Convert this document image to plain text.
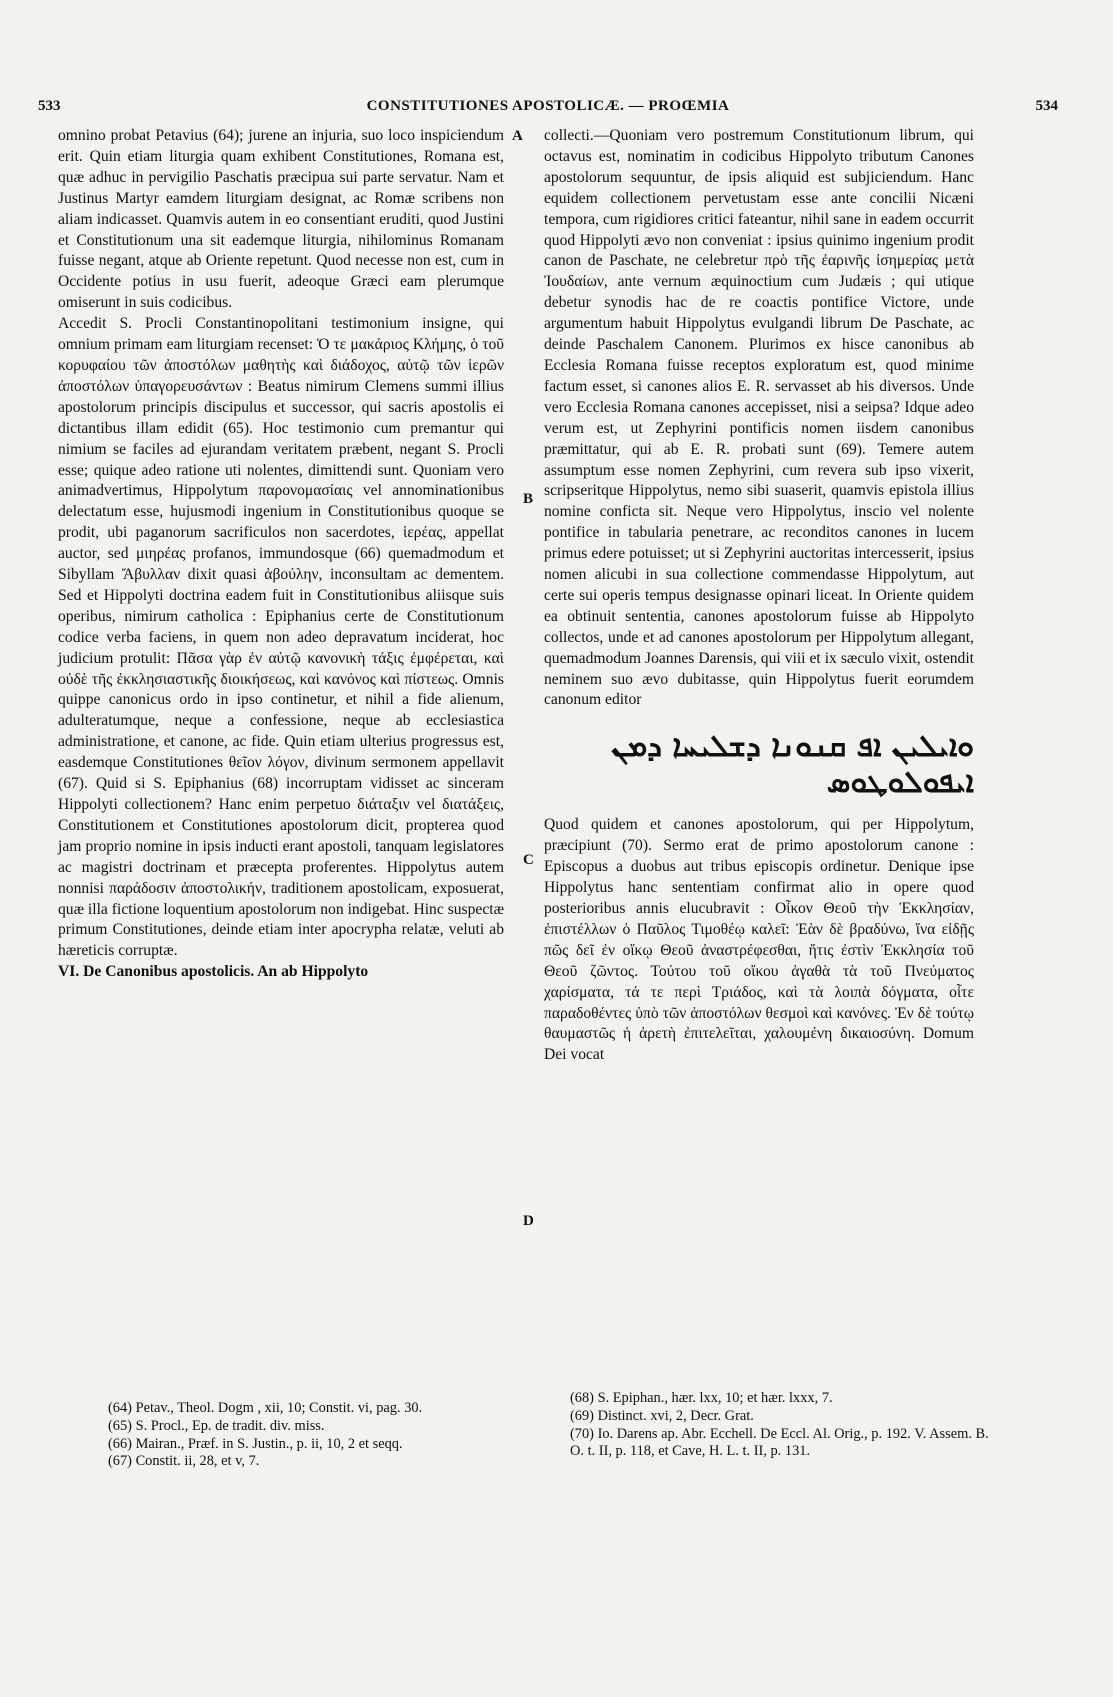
533	CONSTITUTIONES APOSTOLICÆ. — PROŒMIA	534

omnino probat Petavius (64); jurene an injuria, suo loco inspiciendum erit. Quin etiam liturgia quam exhibent Constitutiones, Romana est, quæ adhuc in pervigilio Paschatis præcipua sui parte servatur. Nam et Justinus Martyr eamdem liturgiam designat, ac Romæ scribens non aliam indicasset. Quamvis autem in eo consentiant eruditi, quod Justini et Constitutionum una sit eademque liturgia, nihilominus Romanam fuisse negant, atque ab Oriente repetunt. Quod necesse non est, cum in Occidente potius in usu fuerit, adeoque Græci eam plerumque omiserunt in suis codicibus.

Accedit S. Procli Constantinopolitani testimonium insigne, qui omnium primam eam liturgiam recenset: Ὁ τε μακάριος Κλήμης, ὁ τοῦ κορυφαίου τῶν ἀποστόλων μαθητὴς καὶ διάδοχος, αὐτῷ τῶν ἱερῶν ἀποστόλων ὑπαγορευσάντων : Beatus nimirum Clemens summi illius apostolorum principis discipulus et successor, qui sacris apostolis ei dictantibus illam edidit (65). Hoc testimonio cum premantur qui nimium se faciles ad ejurandam veritatem præbent, negant S. Procli esse; quique adeo ratione uti nolentes, dimittendi sunt. Quoniam vero animadvertimus, Hippolytum παρονομασίαις vel annominationibus delectatum esse, hujusmodi ingenium in Constitutionibus quoque se prodit, ubi paganorum sacrificulos non sacerdotes, ἱερέας, appellat auctor, sed μιηρέας profanos, immundosque (66) quemadmodum et Sibyllam Ἄβυλλαν dixit quasi ἀβούλην, inconsultam ac dementem. Sed et Hippolyti doctrina eadem fuit in Constitutionibus aliisque suis operibus, nimirum catholica : Epiphanius certe de Constitutionum codice verba faciens, in quem non adeo depravatum inciderat, hoc judicium protulit: Πᾶσα γὰρ ἐν αὐτῷ κανονικὴ τάξις ἐμφέρεται, καὶ οὐδὲ τῆς ἐκκλησιαστικῆς διοικήσεως, καὶ κανόνος καὶ πίστεως. Omnis quippe canonicus ordo in ipso continetur, et nihil a fide alienum, adulteratumque, neque a confessione, neque ab ecclesiastica administratione, et canone, ac fide. Quin etiam ulterius progressus est, easdemque Constitutiones θεῖον λόγον, divinum sermonem appellavit (67). Quid si S. Epiphanius (68) incorruptam vidisset ac sinceram Hippolyti collectionem? Hanc enim perpetuo διάταξιν vel διατάξεις, Constitutionem et Constitutiones apostolorum dicit, propterea quod jam proprio nomine in ipsis inducti erant apostoli, tanquam legislatores ac magistri doctrinam et præcepta proferentes. Hippolytus autem nonnisi παράδοσιν ἀποστολικήν, traditionem apostolicam, exposuerat, quæ illa fictione loquentium apostolorum non indigebat. Hinc suspectæ primum Constitutiones, deinde etiam inter apocrypha relatæ, veluti ab hæreticis corruptæ.

VI. De Canonibus apostolicis. An ab Hippolyto

(64) Petav., Theol. Dogm , xii, 10; Constit. vi, pag. 30.

(65) S. Procl., Ep. de tradit. div. miss.

(66) Mairan., Præf. in S. Justin., p. ii, 10, 2 et seqq.

(67) Constit. ii, 28, et v, 7.

collecti.—Quoniam vero postremum Constitutionum librum, qui octavus est, nominatim in codicibus Hippolyto tributum Canones apostolorum sequuntur, de ipsis aliquid est subjiciendum. Hanc equidem collectionem pervetustam esse ante concilii Nicæni tempora, cum rigidiores critici fateantur, nihil sane in eadem occurrit quod Hippolyti ævo non conveniat : ipsius quinimo ingenium prodit canon de Paschate, ne celebretur πρὸ τῆς ἐαρινῆς ἰσημερίας μετὰ Ἰουδαίων, ante vernum æquinoctium cum Judæis ; qui utique debetur synodis hac de re coactis pontifice Victore, unde argumentum habuit Hippolytus evulgandi librum De Paschate, ac deinde Paschalem Canonem. Plurimos ex hisce canonibus ab Ecclesia Romana fuisse receptos exploratum est, quod minime factum esset, si canones alios E. R. servasset ab his diversos. Unde vero Ecclesia Romana canones accepisset, nisi a seipsa? Idque adeo verum est, ut Zephyrini pontificis nomen iisdem canonibus præmittatur, qui ab E. R. probati sunt (69). Temere autem assumptum esse nomen Zephyrini, cum revera sub ipso vixerit, scripseritque Hippolytus, nemo sibi suaserit, quamvis epistola illius nomine conficta sit. Neque vero Hippolytus, inscio vel nolente pontifice in tabularia penetrare, ac reconditos canones in lucem primus edere potuisset; ut si Zephyrini auctoritas intercesserit, ipsius nomen alicubi in sua collectione commendasse Hippolytum, aut certe sui operis tempus designasse opinari liceat. In Oriente quidem ea obtinuit sententia, canones apostolorum fuisse ab Hippolyto collectos, unde et ad canones apostolorum per Hippolytum allegant, quemadmodum Joannes Darensis, qui viii et ix sæculo vixit, ostendit neminem suo ævo dubitasse, quin Hippolytus fuerit eorumdem canonum editor

ܘܐܝܠܝܢ ܐܦ ܩܢܘܢܐ ܕܫܠܝܚܐ ܕܡܢ
ܐܝܦܘܠܘܛܘܣ

Quod quidem et canones apostolorum, qui per Hippolytum, præcipiunt (70). Sermo erat de primo apostolorum canone : Episcopus a duobus aut tribus episcopis ordinetur. Denique ipse Hippolytus hanc sententiam confirmat alio in opere quod posterioribus annis elucubravit : Οἶκον Θεοῦ τὴν Ἐκκλησίαν, ἐπιστέλλων ὁ Παῦλος Τιμοθέῳ καλεῖ: Ἐὰν δὲ βραδύνω, ἵνα εἰδῇς πῶς δεῖ ἐν οἴκῳ Θεοῦ ἀναστρέφεσθαι, ἥτις ἐστὶν Ἐκκλησία τοῦ Θεοῦ ζῶντος. Τούτου τοῦ οἴκου ἀγαθὰ τὰ τοῦ Πνεύματος χαρίσματα, τά τε περὶ Τριάδος, καὶ τὰ λοιπὰ δόγματα, οἷτε παραδοθέντες ὑπὸ τῶν ἀποστόλων θεσμοὶ καὶ κανόνες. Ἐν δὲ τούτῳ θαυμαστῶς ἡ ἀρετὴ ἐπιτελεῖται, χαλουμένη δικαιοσύνη. Domum Dei vocat

(68) S. Epiphan., hær. lxx, 10; et hær. lxxx, 7.

(69) Distinct. xvi, 2, Decr. Grat.

(70) Io. Darens ap. Abr. Ecchell. De Eccl. Al. Orig., p. 192. V. Assem. B. O. t. II, p. 118, et Cave, H. L. t. II, p. 131.

A
B
C
D
